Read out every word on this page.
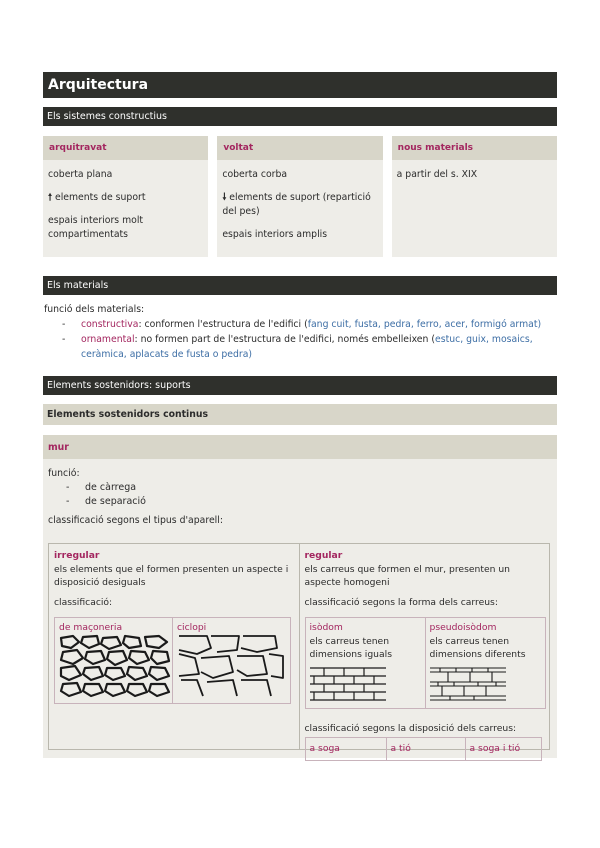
Arquitectura
Els sistemes constructius
arquitravat

coberta plana

🠕 elements de suport

espais interiors molt compartimentats

voltat

coberta corba

🠗 elements de suport (repartició del pes)

espais interiors amplis

nous materials

a partir del s. XIX

Els materials
funció dels materials:
- constructiva: conformen l'estructura de l'edifici (fang cuit, fusta, pedra, ferro, acer, formigó armat)
- ornamental: no formen part de l'estructura de l'edifici, només embelleixen (estuc, guix, mosaics, ceràmica, aplacats de fusta o pedra)
Elements sostenidors: suports
Elements sostenidors continus
mur
funció:
- de càrrega
- de separació
classificació segons el tipus d'aparell:
irregular
els elements que el formen presenten un aspecte i disposició desiguals
classificació:
de maçoneria	ciclopi
regular
els carreus que formen el mur, presenten un aspecte homogeni
classificació segons la forma dels carreus:
isòdom
els carreus tenen dimensions iguals
pseudoisòdom
els carreus tenen dimensions diferents
classificació segons la disposició dels carreus:
a soga	a tió	a soga i tió
